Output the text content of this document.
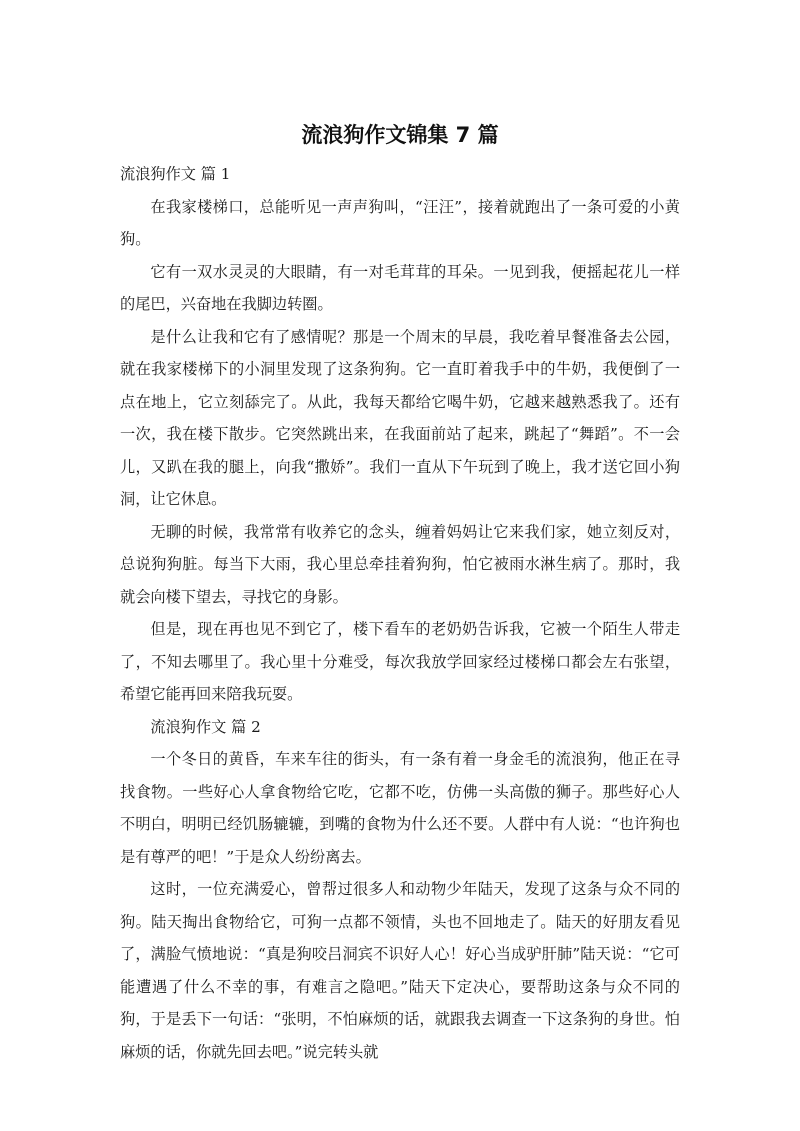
流浪狗作文锦集 7 篇

流浪狗作文 篇 1

在我家楼梯口，总能听见一声声狗叫，“汪汪”，接着就跑出了一条可爱的小黄狗。

它有一双水灵灵的大眼睛，有一对毛茸茸的耳朵。一见到我，便摇起花儿一样的尾巴，兴奋地在我脚边转圈。

是什么让我和它有了感情呢？那是一个周末的早晨，我吃着早餐准备去公园，就在我家楼梯下的小洞里发现了这条狗狗。它一直盯着我手中的牛奶，我便倒了一点在地上，它立刻舔完了。从此，我每天都给它喝牛奶，它越来越熟悉我了。还有一次，我在楼下散步。它突然跳出来，在我面前站了起来，跳起了“舞蹈”。不一会儿，又趴在我的腿上，向我“撒娇”。我们一直从下午玩到了晚上，我才送它回小狗洞，让它休息。

无聊的时候，我常常有收养它的念头，缠着妈妈让它来我们家，她立刻反对，总说狗狗脏。每当下大雨，我心里总牵挂着狗狗，怕它被雨水淋生病了。那时，我就会向楼下望去，寻找它的身影。

但是，现在再也见不到它了，楼下看车的老奶奶告诉我，它被一个陌生人带走了，不知去哪里了。我心里十分难受，每次我放学回家经过楼梯口都会左右张望，希望它能再回来陪我玩耍。

流浪狗作文 篇 2

一个冬日的黄昏，车来车往的街头，有一条有着一身金毛的流浪狗，他正在寻找食物。一些好心人拿食物给它吃，它都不吃，仿佛一头高傲的狮子。那些好心人不明白，明明已经饥肠辘辘，到嘴的食物为什么还不要。人群中有人说：“也许狗也是有尊严的吧！”于是众人纷纷离去。

这时，一位充满爱心，曾帮过很多人和动物少年陆天，发现了这条与众不同的狗。陆天掏出食物给它，可狗一点都不领情，头也不回地走了。陆天的好朋友看见了，满脸气愤地说：“真是狗咬吕洞宾不识好人心！好心当成驴肝肺”陆天说：“它可能遭遇了什么不幸的事，有难言之隐吧。”陆天下定决心，要帮助这条与众不同的狗，于是丢下一句话：“张明，不怕麻烦的话，就跟我去调查一下这条狗的身世。怕麻烦的话，你就先回去吧。”说完转头就
